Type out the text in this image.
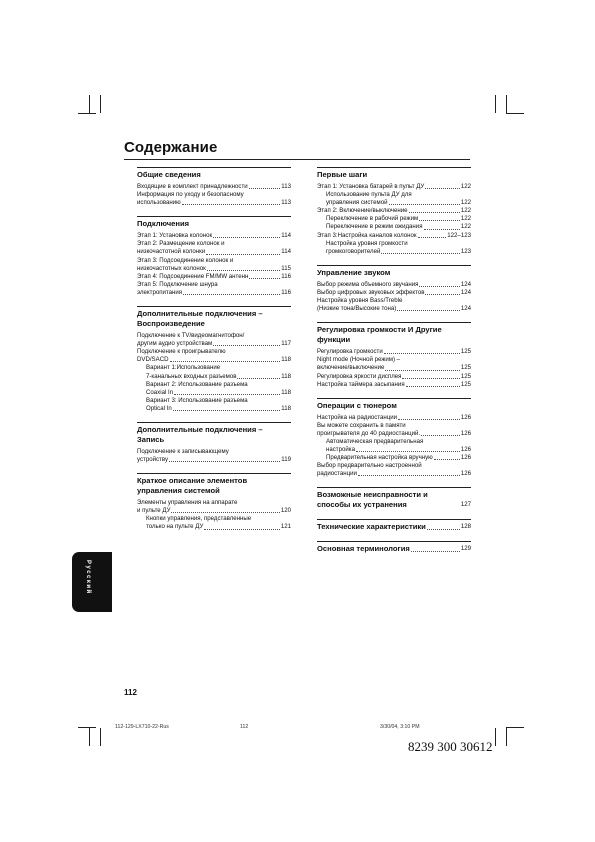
Содержание
Общие сведения
Входящие в комплект принадлежности	113
Информация по уходу и безопасному
использованию	113
Подключения
Этап 1: Установка колонок	114
Этап 2: Размещение колонок и
низкочастотной колонки	114
Этап 3: Подсоединение колонок и
низкочастотных колонок	115
Этап 4: Подсоединение FM/MW антенн	116
Этап 5: Подключение шнура
электропитания	116
Дополнительные подключения – Воспроизведение
Подключение к TV/видеомагнитофон/
другим аудио устройствам	117
Подключение к проигрывателю
DVD/SACD	118
Вариант 1:Использование
7-канальных входных разъемов	118
Вариант 2: Использование разъема
Coaxial In	118
Вариант 3: Использование разъема
Optical In	118
Дополнительные подключения – Запись
Подключение к записывающему
устройству	119
Краткое описание элементов управления системой
Элементы управления на аппарате
и пульте ДУ	120
Кнопки управления, представленные
только на пульте ДУ	121
Первые шаги
Этап 1: Установка батарей в пульт ДУ	122
Использование пульта ДУ для
управления системой	122
Этап 2: Включение/выключение	122
Переключение в рабочий режим	122
Переключение в режим ожидания	122
Этап 3:Настройка каналов колонок	122–123
Настройка уровня громкости
громкоговорителей	123
Управление звуком
Выбор режима объемного звучания	124
Выбор цифровых звуковых эффектов	124
Настройка уровня Bass/Treble
(Низкие тона/Высокие тона)	124
Регулировка громкости И Другие функции
Регулировка громкости	125
Night mode (Ночной режим) –
включение/выключение	125
Регулировка яркости дисплея	125
Настройка таймера засыпания	125
Операции с тюнером
Настройка на радиостанции	126
Вы можете сохранить в памяти
проигрывателя до 40 радиостанций.	126
Автоматическая предварительная
настройка	126
Предварительная настройка вручную	126
Выбор предварительно настроенной
радиостанции	126
Возможные неисправности и способы их устранения	127
Технические характеристики	128
Основная терминология	129
Русский
112
112-129-LX710-22-Rus	112	3/30/04, 3:10 PM
8239 300 30612
